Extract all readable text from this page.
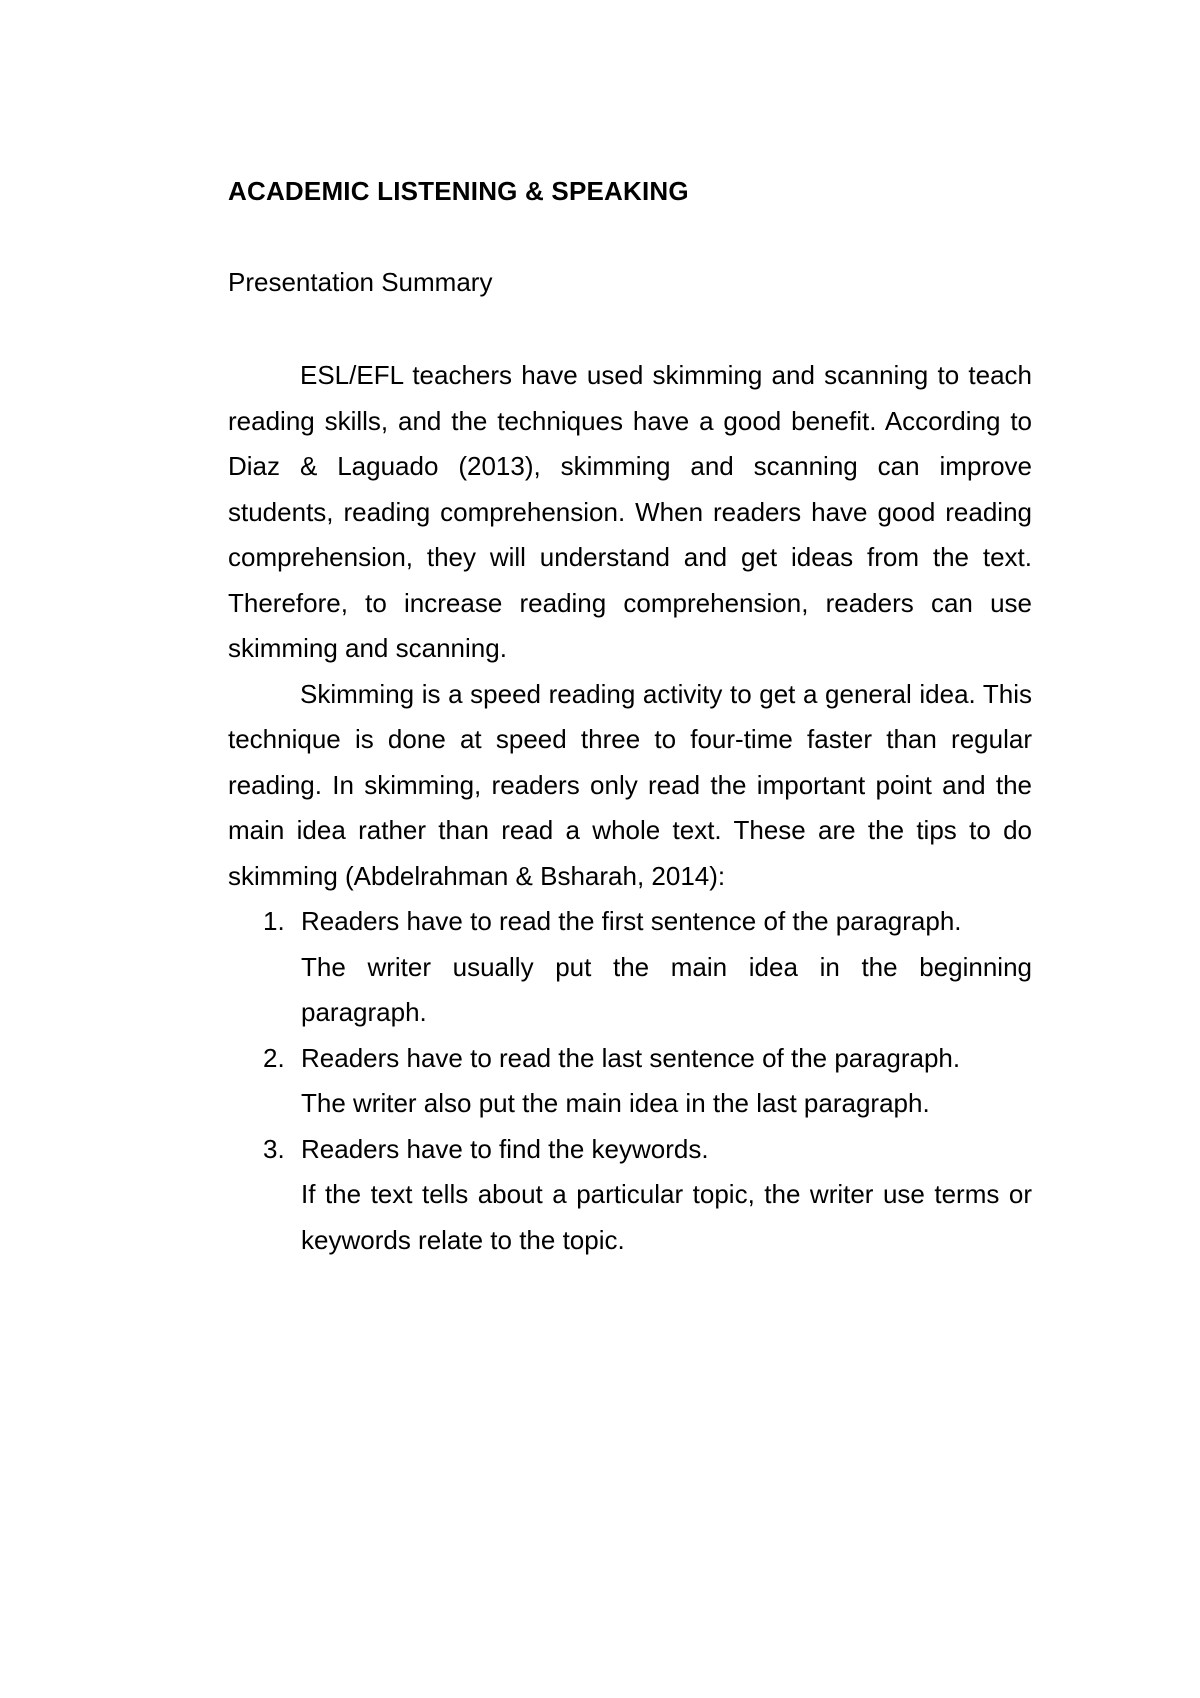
ACADEMIC LISTENING & SPEAKING
Presentation Summary

ESL/EFL teachers have used skimming and scanning to teach reading skills, and the techniques have a good benefit. According to Diaz & Laguado (2013), skimming and scanning can improve students, reading comprehension. When readers have good reading comprehension, they will understand and get ideas from the text. Therefore, to increase reading comprehension, readers can use skimming and scanning.

Skimming is a speed reading activity to get a general idea. This technique is done at speed three to four-time faster than regular reading. In skimming, readers only read the important point and the main idea rather than read a whole text. These are the tips to do skimming (Abdelrahman & Bsharah, 2014):

1. Readers have to read the first sentence of the paragraph.

The writer usually put the main idea in the beginning paragraph.

2. Readers have to read the last sentence of the paragraph.

The writer also put the main idea in the last paragraph.

3. Readers have to find the keywords.

If the text tells about a particular topic, the writer use terms or keywords relate to the topic.
